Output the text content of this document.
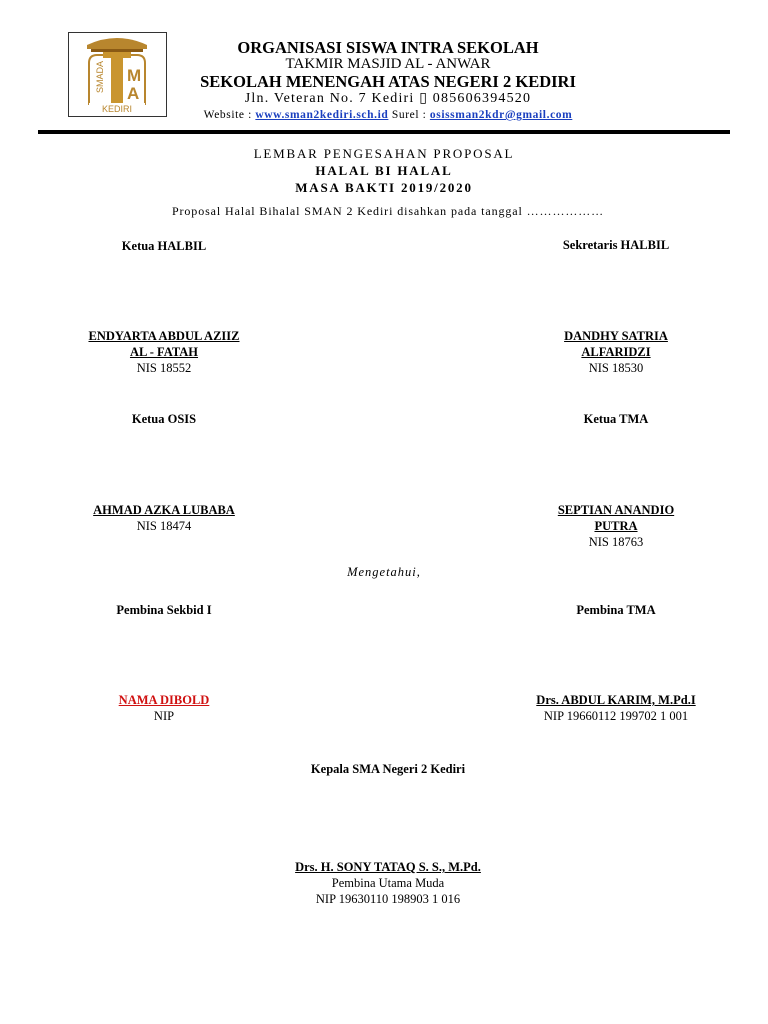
SMADA M
A
KEDIRI
ORGANISASI SISWA INTRA SEKOLAH
TAKMIR MASJID AL - ANWAR
SEKOLAH MENENGAH ATAS NEGERI 2 KEDIRI
Jln. Veteran No. 7 Kediri ▯ 085606394520
Website : www.sman2kediri.sch.id Surel : osissman2kdr@gmail.com
LEMBAR PENGESAHAN PROPOSAL
HALAL BI HALAL
MASA BAKTI 2019/2020
Proposal Halal Bihalal SMAN 2 Kediri disahkan pada tanggal ………………
Ketua HALBIL	Sekretaris HALBIL
ENDYARTA ABDUL AZIIZ
AL - FATAH
NIS 18552
DANDHY SATRIA
ALFARIDZI
NIS 18530
Ketua OSIS	Ketua TMA
AHMAD AZKA LUBABA
NIS 18474
SEPTIAN ANANDIO
PUTRA
NIS 18763
Mengetahui,
Pembina Sekbid I	Pembina TMA
NAMA DIBOLD
NIP
Drs. ABDUL KARIM, M.Pd.I
NIP 19660112 199702 1 001
Kepala SMA Negeri 2 Kediri
Drs. H. SONY TATAQ S. S., M.Pd.
Pembina Utama Muda
NIP 19630110 198903 1 016
